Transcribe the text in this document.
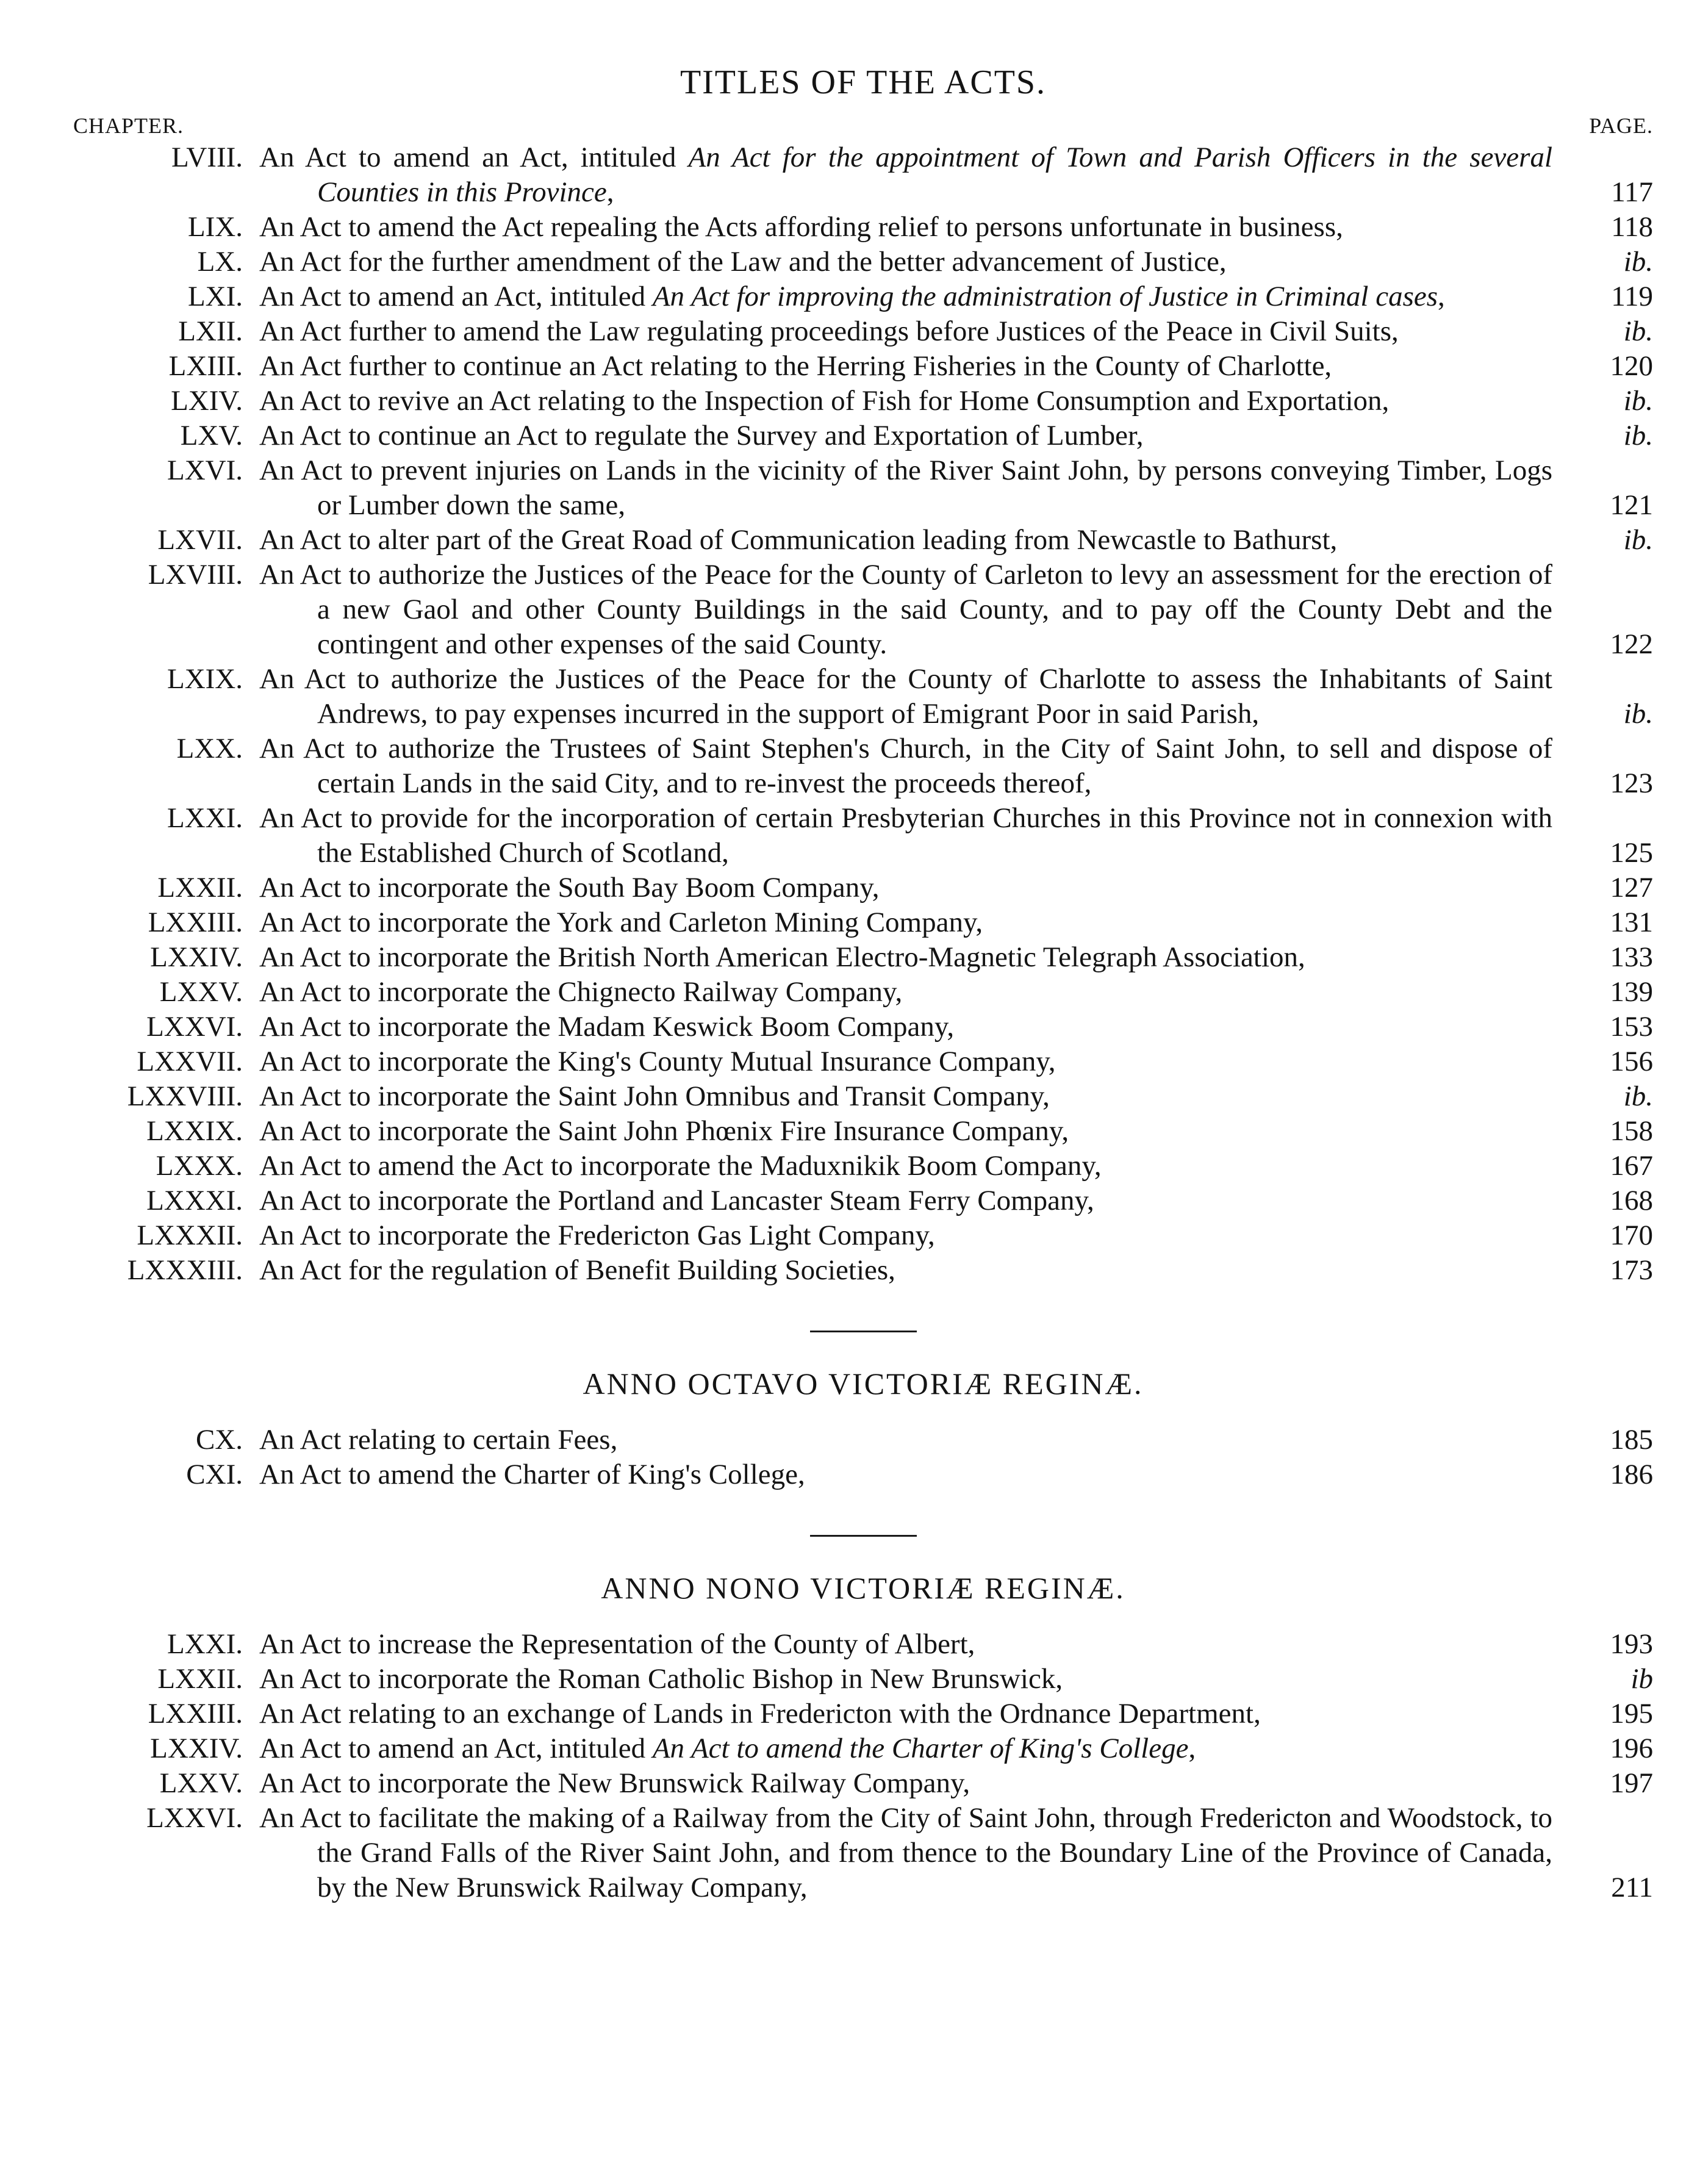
TITLES OF THE ACTS.
CHAPTER.	PAGE.
LVIII. An Act to amend an Act, intituled An Act for the appointment of Town and Parish Officers in the several Counties in this Province,	117
LIX. An Act to amend the Act repealing the Acts affording relief to persons unfortunate in business,	118
LX. An Act for the further amendment of the Law and the better advancement of Justice,	ib.
LXI. An Act to amend an Act, intituled An Act for improving the administration of Justice in Criminal cases,	119
LXII. An Act further to amend the Law regulating proceedings before Justices of the Peace in Civil Suits,	ib.
LXIII. An Act further to continue an Act relating to the Herring Fisheries in the County of Charlotte,	120
LXIV. An Act to revive an Act relating to the Inspection of Fish for Home Consumption and Exportation,	ib.
LXV. An Act to continue an Act to regulate the Survey and Exportation of Lumber,	ib.
LXVI. An Act to prevent injuries on Lands in the vicinity of the River Saint John, by persons conveying Timber, Logs or Lumber down the same,	121
LXVII. An Act to alter part of the Great Road of Communication leading from Newcastle to Bathurst,	ib.
LXVIII. An Act to authorize the Justices of the Peace for the County of Carleton to levy an assessment for the erection of a new Gaol and other County Buildings in the said County, and to pay off the County Debt and the contingent and other expenses of the said County.	122
LXIX. An Act to authorize the Justices of the Peace for the County of Charlotte to assess the Inhabitants of Saint Andrews, to pay expenses incurred in the support of Emigrant Poor in said Parish,	ib.
LXX. An Act to authorize the Trustees of Saint Stephen's Church, in the City of Saint John, to sell and dispose of certain Lands in the said City, and to re-invest the proceeds thereof,	123
LXXI. An Act to provide for the incorporation of certain Presbyterian Churches in this Province not in connexion with the Established Church of Scotland,	125
LXXII. An Act to incorporate the South Bay Boom Company,	127
LXXIII. An Act to incorporate the York and Carleton Mining Company,	131
LXXIV. An Act to incorporate the British North American Electro-Magnetic Telegraph Association,	133
LXXV. An Act to incorporate the Chignecto Railway Company,	139
LXXVI. An Act to incorporate the Madam Keswick Boom Company,	153
LXXVII. An Act to incorporate the King's County Mutual Insurance Company,	156
LXXVIII. An Act to incorporate the Saint John Omnibus and Transit Company,	ib.
LXXIX. An Act to incorporate the Saint John Phœnix Fire Insurance Company,	158
LXXX. An Act to amend the Act to incorporate the Maduxnikik Boom Company,	167
LXXXI. An Act to incorporate the Portland and Lancaster Steam Ferry Company,	168
LXXXII. An Act to incorporate the Fredericton Gas Light Company,	170
LXXXIII. An Act for the regulation of Benefit Building Societies,	173
ANNO OCTAVO VICTORIÆ REGINÆ.
CX. An Act relating to certain Fees,	185
CXI. An Act to amend the Charter of King's College,	186
ANNO NONO VICTORIÆ REGINÆ.
LXXI. An Act to increase the Representation of the County of Albert,	193
LXXII. An Act to incorporate the Roman Catholic Bishop in New Brunswick,	ib
LXXIII. An Act relating to an exchange of Lands in Fredericton with the Ordnance Department,	195
LXXIV. An Act to amend an Act, intituled An Act to amend the Charter of King's College,	196
LXXV. An Act to incorporate the New Brunswick Railway Company,	197
LXXVI. An Act to facilitate the making of a Railway from the City of Saint John, through Fredericton and Woodstock, to the Grand Falls of the River Saint John, and from thence to the Boundary Line of the Province of Canada, by the New Brunswick Railway Company,	211
